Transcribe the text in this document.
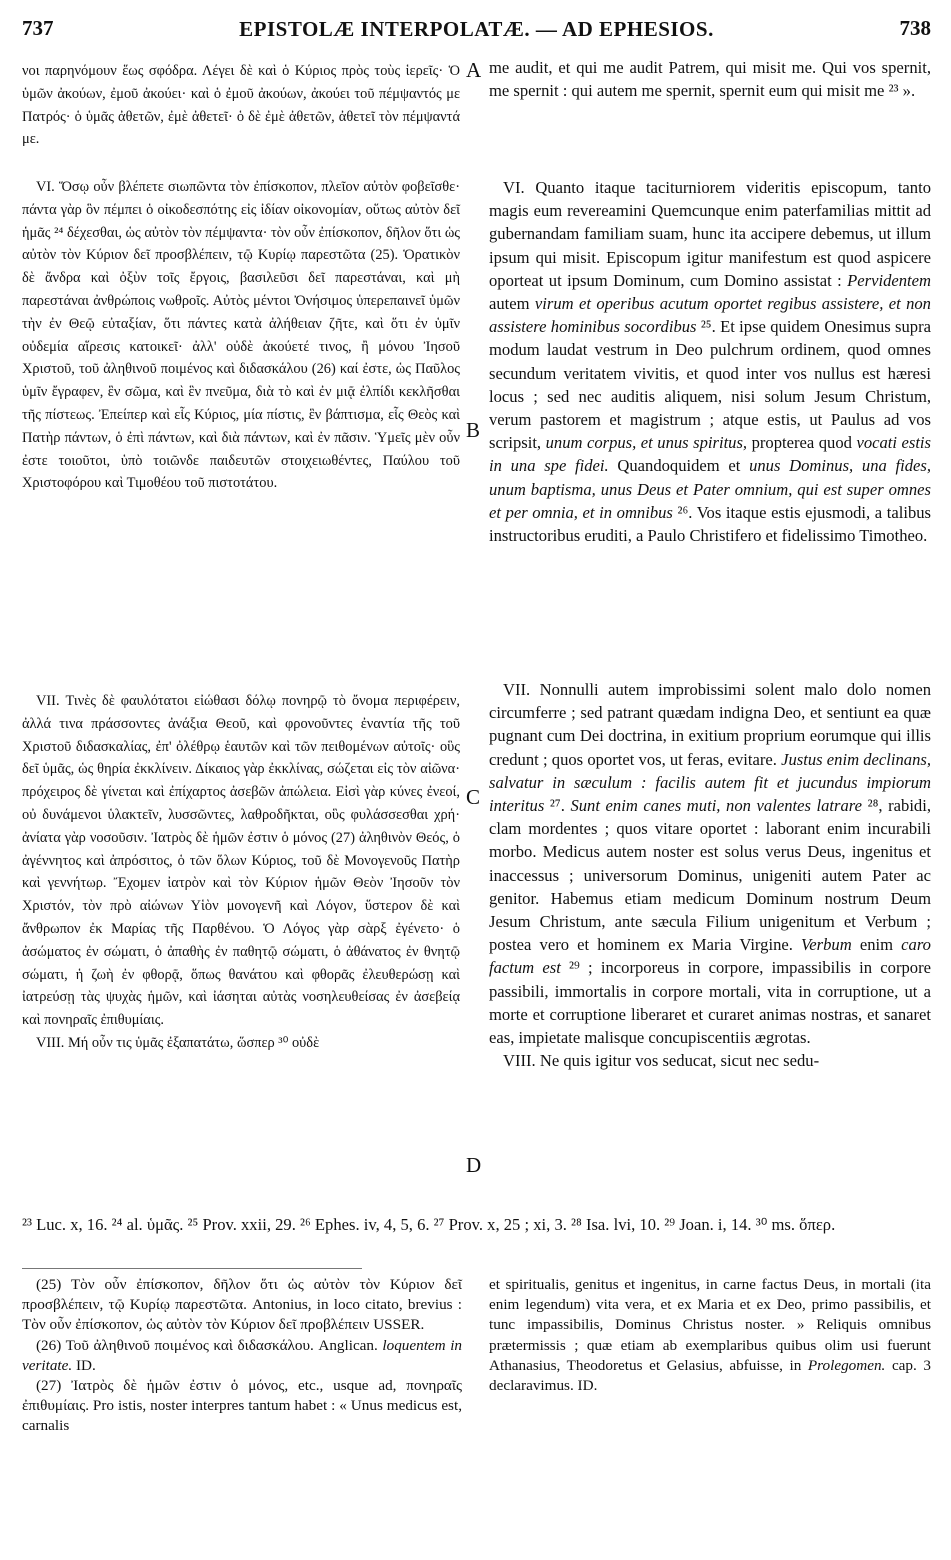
737	EPISTOLÆ INTERPOLATÆ. — AD EPHESIOS.	738
A
B
C
D

νοι παρηνόμουν ἕως σφόδρα. Λέγει δὲ καὶ ὁ Κύριος πρὸς τοὺς ἱερεῖς· Ὁ ὑμῶν ἀκούων, ἐμοῦ ἀκούει· καὶ ὁ ἐμοῦ ἀκούων, ἀκούει τοῦ πέμψαντός με Πατρός· ὁ ὑμᾶς ἀθετῶν, ἐμὲ ἀθετεῖ· ὁ δὲ ἐμὲ ἀθετῶν, ἀθετεῖ τὸν πέμψαντά με.

VI. Ὅσῳ οὖν βλέπετε σιωπῶντα τὸν ἐπίσκοπον, πλεῖον αὐτὸν φοβεῖσθε· πάντα γὰρ ὃν πέμπει ὁ οἰκοδεσπότης εἰς ἰδίαν οἰκονομίαν, οὕτως αὐτὸν δεῖ ἡμᾶς ²⁴ δέχεσθαι, ὡς αὐτὸν τὸν πέμψαντα· τὸν οὖν ἐπίσκοπον, δῆλον ὅτι ὡς αὐτὸν τὸν Κύριον δεῖ προσβλέπειν, τῷ Κυρίῳ παρεστῶτα (25). Ὁρατικὸν δὲ ἄνδρα καὶ ὀξὺν τοῖς ἔργοις, βασιλεῦσι δεῖ παρεστάναι, καὶ μὴ παρεστάναι ἀνθρώποις νωθροῖς. Αὐτὸς μέντοι Ὀνήσιμος ὑπερεπαινεῖ ὑμῶν τὴν ἐν Θεῷ εὐταξίαν, ὅτι πάντες κατὰ ἀλήθειαν ζῆτε, καὶ ὅτι ἐν ὑμῖν οὐδεμία αἵρεσις κατοικεῖ· ἀλλ' οὐδὲ ἀκούετέ τινος, ἢ μόνου Ἰησοῦ Χριστοῦ, τοῦ ἀληθινοῦ ποιμένος καὶ διδασκάλου (26) καί ἐστε, ὡς Παῦλος ὑμῖν ἔγραφεν, ἓν σῶμα, καὶ ἓν πνεῦμα, διὰ τὸ καὶ ἐν μιᾷ ἐλπίδι κεκλῆσθαι τῆς πίστεως. Ἐπείπερ καὶ εἷς Κύριος, μία πίστις, ἓν βάπτισμα, εἷς Θεὸς καὶ Πατὴρ πάντων, ὁ ἐπὶ πάντων, καὶ διὰ πάντων, καὶ ἐν πᾶσιν. Ὑμεῖς μὲν οὖν ἐστε τοιοῦτοι, ὑπὸ τοιῶνδε παιδευτῶν στοιχειωθέντες, Παύλου τοῦ Χριστοφόρου καὶ Τιμοθέου τοῦ πιστοτάτου.

VII. Τινὲς δὲ φαυλότατοι εἰώθασι δόλῳ πονηρῷ τὸ ὄνομα περιφέρειν, ἀλλά τινα πράσσοντες ἀνάξια Θεοῦ, καὶ φρονοῦντες ἐναντία τῆς τοῦ Χριστοῦ διδασκαλίας, ἐπ' ὀλέθρῳ ἑαυτῶν καὶ τῶν πειθομένων αὐτοῖς· οὓς δεῖ ὑμᾶς, ὡς θηρία ἐκκλίνειν. Δίκαιος γὰρ ἐκκλίνας, σώζεται εἰς τὸν αἰῶνα· πρόχειρος δὲ γίνεται καὶ ἐπίχαρτος ἀσεβῶν ἀπώλεια. Εἰσὶ γὰρ κύνες ἐνεοί, οὐ δυνάμενοι ὑλακτεῖν, λυσσῶντες, λαθροδῆκται, οὓς φυλάσσεσθαι χρή· ἀνίατα γὰρ νοσοῦσιν. Ἰατρὸς δὲ ἡμῶν ἐστιν ὁ μόνος (27) ἀληθινὸν Θεός, ὁ ἀγέννητος καὶ ἀπρόσιτος, ὁ τῶν ὅλων Κύριος, τοῦ δὲ Μονογενοῦς Πατὴρ καὶ γεννήτωρ. Ἔχομεν ἰατρὸν καὶ τὸν Κύριον ἡμῶν Θεὸν Ἰησοῦν τὸν Χριστόν, τὸν πρὸ αἰώνων Υἱὸν μονογενῆ καὶ Λόγον, ὕστερον δὲ καὶ ἄνθρωπον ἐκ Μαρίας τῆς Παρθένου. Ὁ Λόγος γὰρ σὰρξ ἐγένετο· ὁ ἀσώματος ἐν σώματι, ὁ ἀπαθὴς ἐν παθητῷ σώματι, ὁ ἀθάνατος ἐν θνητῷ σώματι, ἡ ζωὴ ἐν φθορᾷ, ὅπως θανάτου καὶ φθορᾶς ἐλευθερώσῃ καὶ ἰατρεύσῃ τὰς ψυχὰς ἡμῶν, καὶ ἰάσηται αὐτὰς νοσηλευθείσας ἐν ἀσεβείᾳ καὶ πονηραῖς ἐπιθυμίαις.

VIII. Μή οὖν τις ὑμᾶς ἐξαπατάτω, ὥσπερ ³⁰ οὐδὲ

me audit, et qui me audit Patrem, qui misit me. Qui vos spernit, me spernit : qui autem me spernit, spernit eum qui misit me ²³ ».

VI. Quanto itaque taciturniorem videritis episcopum, tanto magis eum revereamini Quemcunque enim paterfamilias mittit ad gubernandam familiam suam, hunc ita accipere debemus, ut illum ipsum qui misit. Episcopum igitur manifestum est quod aspicere oporteat ut ipsum Dominum, cum Domino assistat : Pervidentem autem virum et operibus acutum oportet regibus assistere, et non assistere hominibus socordibus ²⁵. Et ipse quidem Onesimus supra modum laudat vestrum in Deo pulchrum ordinem, quod omnes secundum veritatem vivitis, et quod inter vos nullus est hæresi locus ; sed nec auditis aliquem, nisi solum Jesum Christum, verum pastorem et magistrum ; atque estis, ut Paulus ad vos scripsit, unum corpus, et unus spiritus, propterea quod vocati estis in una spe fidei. Quandoquidem et unus Dominus, una fides, unum baptisma, unus Deus et Pater omnium, qui est super omnes et per omnia, et in omnibus ²⁶. Vos itaque estis ejusmodi, a talibus instructoribus eruditi, a Paulo Christifero et fidelissimo Timotheo.

VII. Nonnulli autem improbissimi solent malo dolo nomen circumferre ; sed patrant quædam indigna Deo, et sentiunt ea quæ pugnant cum Dei doctrina, in exitium proprium eorumque qui illis credunt ; quos oportet vos, ut feras, evitare. Justus enim declinans, salvatur in sæculum : facilis autem fit et jucundus impiorum interitus ²⁷. Sunt enim canes muti, non valentes latrare ²⁸, rabidi, clam mordentes ; quos vitare oportet : laborant enim incurabili morbo. Medicus autem noster est solus verus Deus, ingenitus et inaccessus ; universorum Dominus, unigeniti autem Pater ac genitor. Habemus etiam medicum Dominum nostrum Deum Jesum Christum, ante sæcula Filium unigenitum et Verbum ; postea vero et hominem ex Maria Virgine. Verbum enim caro factum est ²⁹ ; incorporeus in corpore, impassibilis in corpore passibili, immortalis in corpore mortali, vita in corruptione, ut a morte et corruptione liberaret et curaret animas nostras, et sanaret eas, impietate malisque concupiscentiis ægrotas.

VIII. Ne quis igitur vos seducat, sicut nec sedu-

²³ Luc. x, 16. ²⁴ al. ὑμᾶς. ²⁵ Prov. xxii, 29. ²⁶ Ephes. iv, 4, 5, 6. ²⁷ Prov. x, 25 ; xi, 3. ²⁸ Isa. lvi, 10. ²⁹ Joan. i, 14. ³⁰ ms. ὅπερ.

(25) Τὸν οὖν ἐπίσκοπον, δῆλον ὅτι ὡς αὐτὸν τὸν Κύριον δεῖ προσβλέπειν, τῷ Κυρίῳ παρεστῶτα. Antonius, in loco citato, brevius : Τὸν οὖν ἐπίσκοπον, ὡς αὐτὸν τὸν Κύριον δεῖ προβλέπειν USSER.

(26) Τοῦ ἀληθινοῦ ποιμένος καὶ διδασκάλου. Anglican. loquentem in veritate. ID.

(27) Ἰατρὸς δὲ ἡμῶν ἐστιν ὁ μόνος, etc., usque ad, πονηραῖς ἐπιθυμίαις. Pro istis, noster interpres tantum habet : « Unus medicus est, carnalis

et spiritualis, genitus et ingenitus, in carne factus Deus, in mortali (ita enim legendum) vita vera, et ex Maria et ex Deo, primo passibilis, et tunc impassibilis, Dominus Christus noster. » Reliquis omnibus prætermissis ; quæ etiam ab exemplaribus quibus olim usi fuerunt Athanasius, Theodoretus et Gelasius, abfuisse, in Prolegomen. cap. 3 declaravimus. ID.
